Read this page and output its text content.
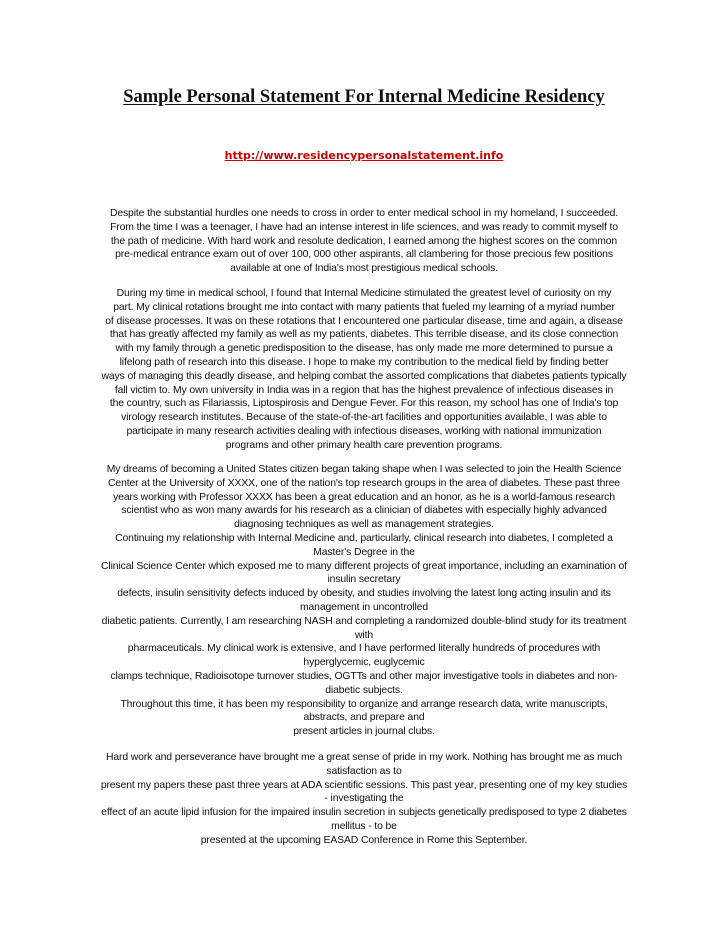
Sample Personal Statement For Internal Medicine Residency
http://www.residencypersonalstatement.info

Despite the substantial hurdles one needs to cross in order to enter medical school in my homeland, I succeeded.
From the time I was a teenager, I have had an intense interest in life sciences, and was ready to commit myself to
the path of medicine. With hard work and resolute dedication, I earned among the highest scores on the common
pre-medical entrance exam out of over 100, 000 other aspirants, all clambering for those precious few positions
available at one of India's most prestigious medical schools.

During my time in medical school, I found that Internal Medicine stimulated the greatest level of curiosity on my
part. My clinical rotations brought me into contact with many patients that fueled my learning of a myriad number
of disease processes. It was on these rotations that I encountered one particular disease, time and again, a disease
that has greatly affected my family as well as my patients, diabetes. This terrible disease, and its close connection
with my family through a genetic predisposition to the disease, has only made me more determined to pursue a
lifelong path of research into this disease. I hope to make my contribution to the medical field by finding better
ways of managing this deadly disease, and helping combat the assorted complications that diabetes patients typically
fall victim to. My own university in India was in a region that has the highest prevalence of infectious diseases in
the country, such as Filariassis, Liptospirosis and Dengue Fever. For this reason, my school has one of India's top
virology research institutes. Because of the state-of-the-art facilities and opportunities available, I was able to
participate in many research activities dealing with infectious diseases, working with national immunization
programs and other primary health care prevention programs.

My dreams of becoming a United States citizen began taking shape when I was selected to join the Health Science
Center at the University of XXXX, one of the nation's top research groups in the area of diabetes. These past three
years working with Professor XXXX has been a great education and an honor, as he is a world-famous research
scientist who as won many awards for his research as a clinician of diabetes with especially highly advanced
diagnosing techniques as well as management strategies.
Continuing my relationship with Internal Medicine and, particularly, clinical research into diabetes, I completed a
Master's Degree in the
Clinical Science Center which exposed me to many different projects of great importance, including an examination of
insulin secretary
defects, insulin sensitivity defects induced by obesity, and studies involving the latest long acting insulin and its
management in uncontrolled
diabetic patients. Currently, I am researching NASH and completing a randomized double-blind study for its treatment
with
pharmaceuticals. My clinical work is extensive, and I have performed literally hundreds of procedures with
hyperglycemic, euglycemic
clamps technique, Radioisotope turnover studies, OGTTs and other major investigative tools in diabetes and non-
diabetic subjects.
Throughout this time, it has been my responsibility to organize and arrange research data, write manuscripts,
abstracts, and prepare and
present articles in journal clubs.

Hard work and perseverance have brought me a great sense of pride in my work. Nothing has brought me as much
satisfaction as to
present my papers these past three years at ADA scientific sessions. This past year, presenting one of my key studies
- investigating the
effect of an acute lipid infusion for the impaired insulin secretion in subjects genetically predisposed to type 2 diabetes
mellitus - to be
presented at the upcoming EASAD Conference in Rome this September.
